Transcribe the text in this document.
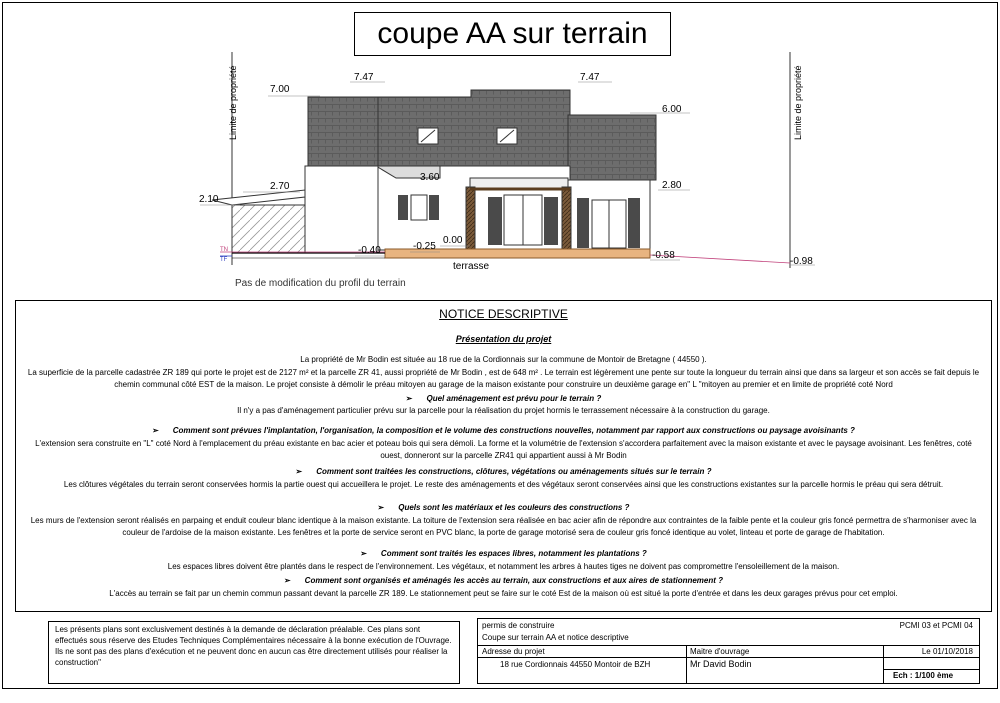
coupe AA sur terrain
2.10
2.70
7.00
7.47	7.47
6.00
3.60
2.80
-0.40	-0.25
0.00
-0.58
-0.98
terrasse
Pas de modification du profil du terrain
TN
TF
Limite de propriété	Limite de propriété
NOTICE DESCRIPTIVE
Présentation du projet
La propriété de Mr Bodin est située au 18 rue de la Cordionnais sur la commune de Montoir de Bretagne ( 44550 ).
La superficie de la parcelle cadastrée ZR 189 qui porte le projet est de 2127 m² et la parcelle ZR 41, aussi propriété de Mr Bodin , est de 648 m² . Le terrain est légèrement une pente sur toute la longueur du terrain ainsi que dans sa largeur et son accès se fait depuis le chemin communal côté EST de la maison. Le projet consiste à démolir le préau mitoyen au garage de la maison existante pour construire un deuxième garage en" L "mitoyen au premier et en limite de propriété coté Nord
➢ Quel aménagement est prévu pour le terrain ?
Il n'y a pas d'aménagement particulier prévu sur la parcelle pour la réalisation du projet hormis le terrassement nécessaire à la construction du garage.
➢ Comment sont prévues l'implantation, l'organisation, la composition et le volume des constructions nouvelles, notamment par rapport aux constructions ou paysage avoisinants ?
L'extension sera construite en "L" coté Nord à l'emplacement du préau existante en bac acier et poteau bois qui sera démoli. La forme et la volumétrie de l'extension s'accordera parfaitement avec la maison existante et avec le paysage avoisinant. Les fenêtres, coté ouest, donneront sur la parcelle ZR41 qui appartient aussi à Mr Bodin
➢ Comment sont traitées les constructions, clôtures, végétations ou aménagements situés sur le terrain ?
Les clôtures végétales du terrain seront conservées hormis la partie ouest qui accueillera le projet. Le reste des aménagements et des végétaux seront conservées ainsi que les constructions existantes sur la parcelle hormis le préau qui sera détruit.
➢ Quels sont les matériaux et les couleurs des constructions ?
Les murs de l'extension seront réalisés en parpaing et enduit couleur blanc identique à la maison existante. La toiture de l'extension sera réalisée en bac acier afin de répondre aux contraintes de la faible pente et la couleur gris foncé permettra de s'harmoniser avec la couleur de l'ardoise de la maison existante. Les fenêtres et la porte de service seront en PVC blanc, la porte de garage motorisé sera de couleur gris foncé identique au volet, linteau et porte de garage de l'habitation.
➢ Comment sont traités les espaces libres, notamment les plantations ?
Les espaces libres doivent être plantés dans le respect de l'environnement. Les végétaux, et notamment les arbres à hautes tiges ne doivent pas compromettre l'ensoleillement de la maison.
➢ Comment sont organisés et aménagés les accès au terrain, aux constructions et aux aires de stationnement ?
L'accès au terrain se fait par un chemin commun passant devant la parcelle ZR 189. Le stationnement peut se faire sur le coté Est de la maison où est situé la porte d'entrée et dans les deux garages prévus pour cet emploi.
Les présents plans sont exclusivement destinés à la demande de déclaration préalable. Ces plans sont effectués sous réserve des Etudes Techniques Complémentaires nécessaire à la bonne exécution de l'Ouvrage. Ils ne sont pas des plans d'exécution et ne peuvent donc en aucun cas être directement utilisés pour réaliser la construction"
permis de construire	PCMI 03 et PCMI 04
Coupe sur terrain AA et notice descriptive
Adresse du projet	Maitre d'ouvrage	Le 01/10/2018
18 rue Cordionnais 44550 Montoir de BZH	Mr David Bodin
Ech : 1/100 ème
